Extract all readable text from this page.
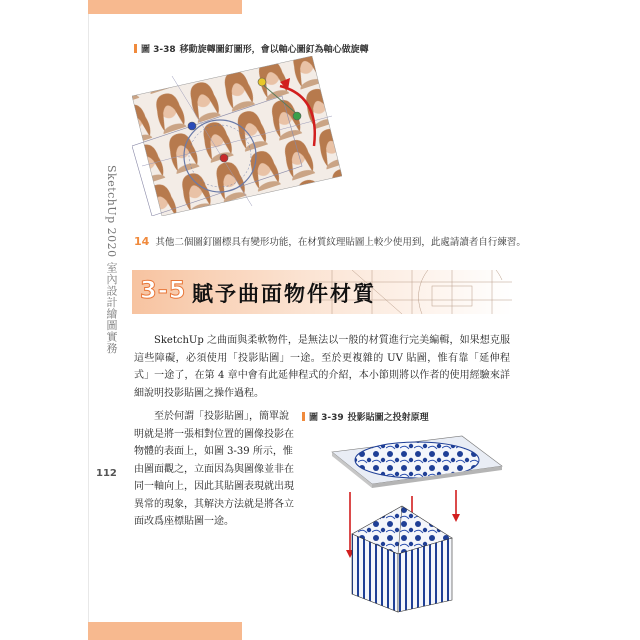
SketchUp 2020 室內設計繪圖實務
112
圖 3-38 移動旋轉圖釘圖形，會以軸心圖釘為軸心做旋轉
14 其他二個圖釘圖標具有變形功能，在材質紋理貼圖上較少使用到，此處請讀者自行練習。
3-5 賦予曲面物件材質
SketchUp 之曲面與柔軟物件，是無法以一般的材質進行完美編輯，如果想克服這些障礙，必須使用「投影貼圖」一途。至於更複雜的 UV 貼圖，惟有靠「延伸程式」一途了，在第 4 章中會有此延伸程式的介紹，本小節則將以作者的使用經驗來詳細說明投影貼圖之操作過程。
至於何謂「投影貼圖」，簡單說明就是將一張相對位置的圖像投影在物體的表面上，如圖 3-39 所示，惟由圖面觀之，立面因為與圖像並非在同一軸向上，因此其貼圖表現就出現異常的現象，其解決方法就是將各立面改爲座標貼圖一途。
圖 3-39 投影貼圖之投射原理
